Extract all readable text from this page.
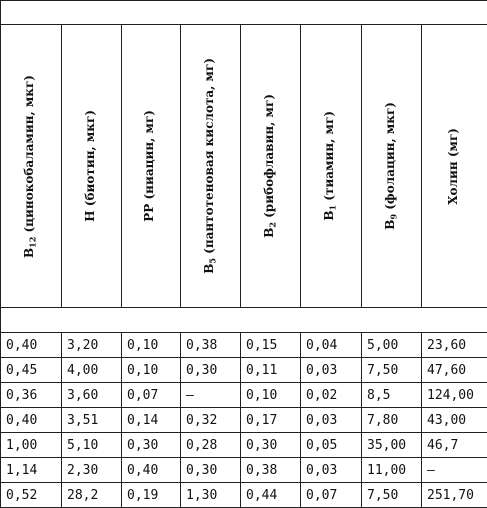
$B_{12}$ (цинокобаламин, мкг)	Н (биотин, мкг)	РР (ниацин, мг)	$B_5$ (пантотеновая кислота, мг)	$B_2$ (рибофлавин, мг)	$B_1$ (тиамин, мг)	$B_9$ (фолацин, мкг)	Холин (мг)

0,40	3,20	0,10	0,38	0,15	0,04	5,00	23,60
0,45	4,00	0,10	0,30	0,11	0,03	7,50	47,60
0,36	3,60	0,07	—	0,10	0,02	8,5	124,00
0,40	3,51	0,14	0,32	0,17	0,03	7,80	43,00
1,00	5,10	0,30	0,28	0,30	0,05	35,00	46,7
1,14	2,30	0,40	0,30	0,38	0,03	11,00	—
0,52	28,2	0,19	1,30	0,44	0,07	7,50	251,70
